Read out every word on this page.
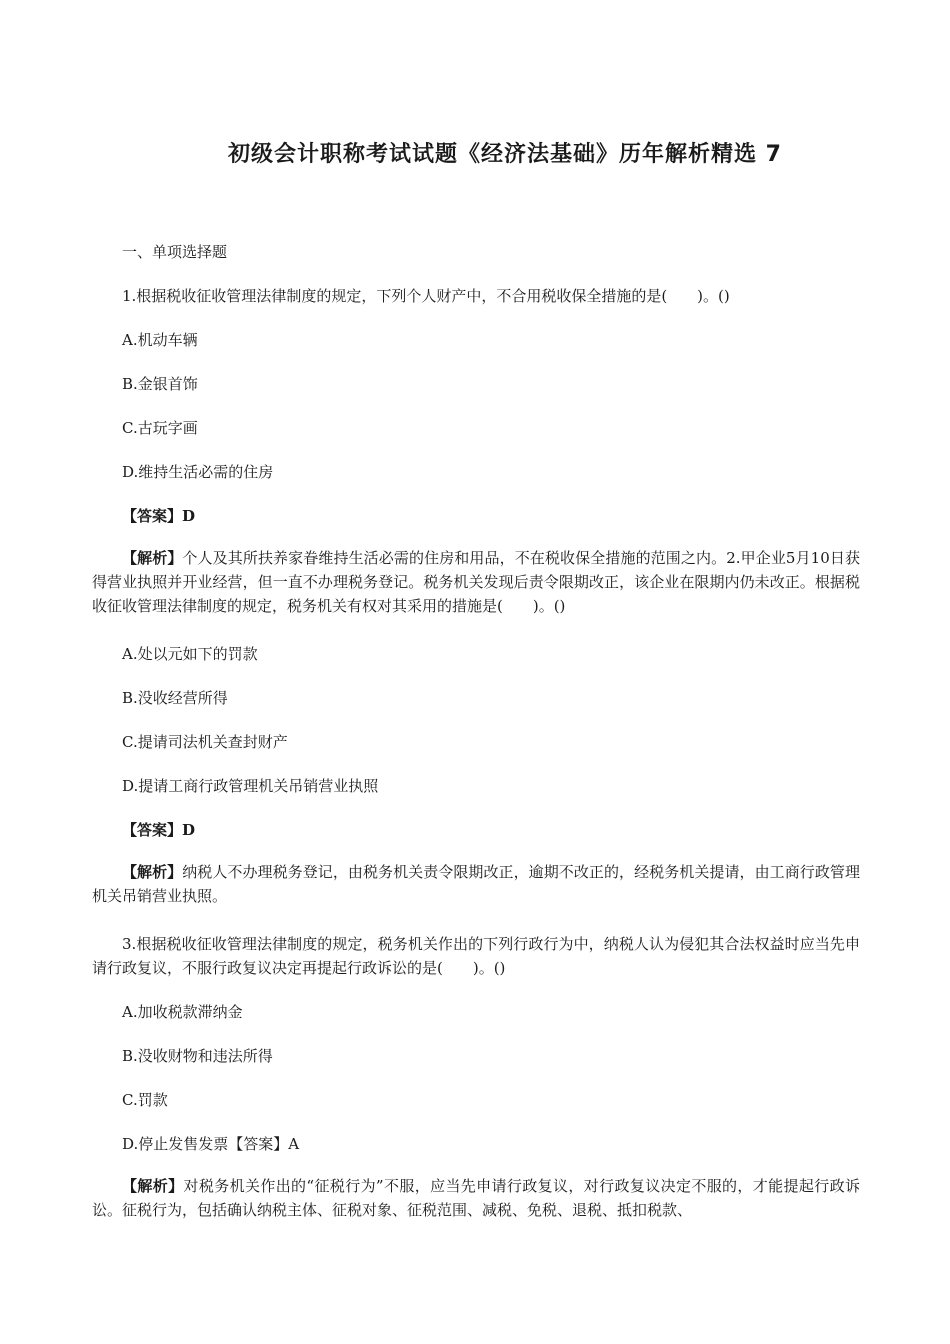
初级会计职称考试试题《经济法基础》历年解析精选 7

一、单项选择题

1.根据税收征收管理法律制度的规定，下列个人财产中，不合用税收保全措施的是(　　)。()

A.机动车辆

B.金银首饰

C.古玩字画

D.维持生活必需的住房

【答案】D

【解析】个人及其所扶养家眷维持生活必需的住房和用品，不在税收保全措施的范围之内。2.甲企业5月10日获得营业执照并开业经营，但一直不办理税务登记。税务机关发现后责令限期改正，该企业在限期内仍未改正。根据税收征收管理法律制度的规定，税务机关有权对其采用的措施是(　　)。()

A.处以元如下的罚款

B.没收经营所得

C.提请司法机关查封财产

D.提请工商行政管理机关吊销营业执照

【答案】D

【解析】纳税人不办理税务登记，由税务机关责令限期改正，逾期不改正的，经税务机关提请，由工商行政管理机关吊销营业执照。

3.根据税收征收管理法律制度的规定，税务机关作出的下列行政行为中，纳税人认为侵犯其合法权益时应当先申请行政复议，不服行政复议决定再提起行政诉讼的是(　　)。()

A.加收税款滞纳金

B.没收财物和违法所得

C.罚款

D.停止发售发票【答案】A

【解析】对税务机关作出的“征税行为”不服，应当先申请行政复议，对行政复议决定不服的，才能提起行政诉讼。征税行为，包括确认纳税主体、征税对象、征税范围、减税、免税、退税、抵扣税款、
